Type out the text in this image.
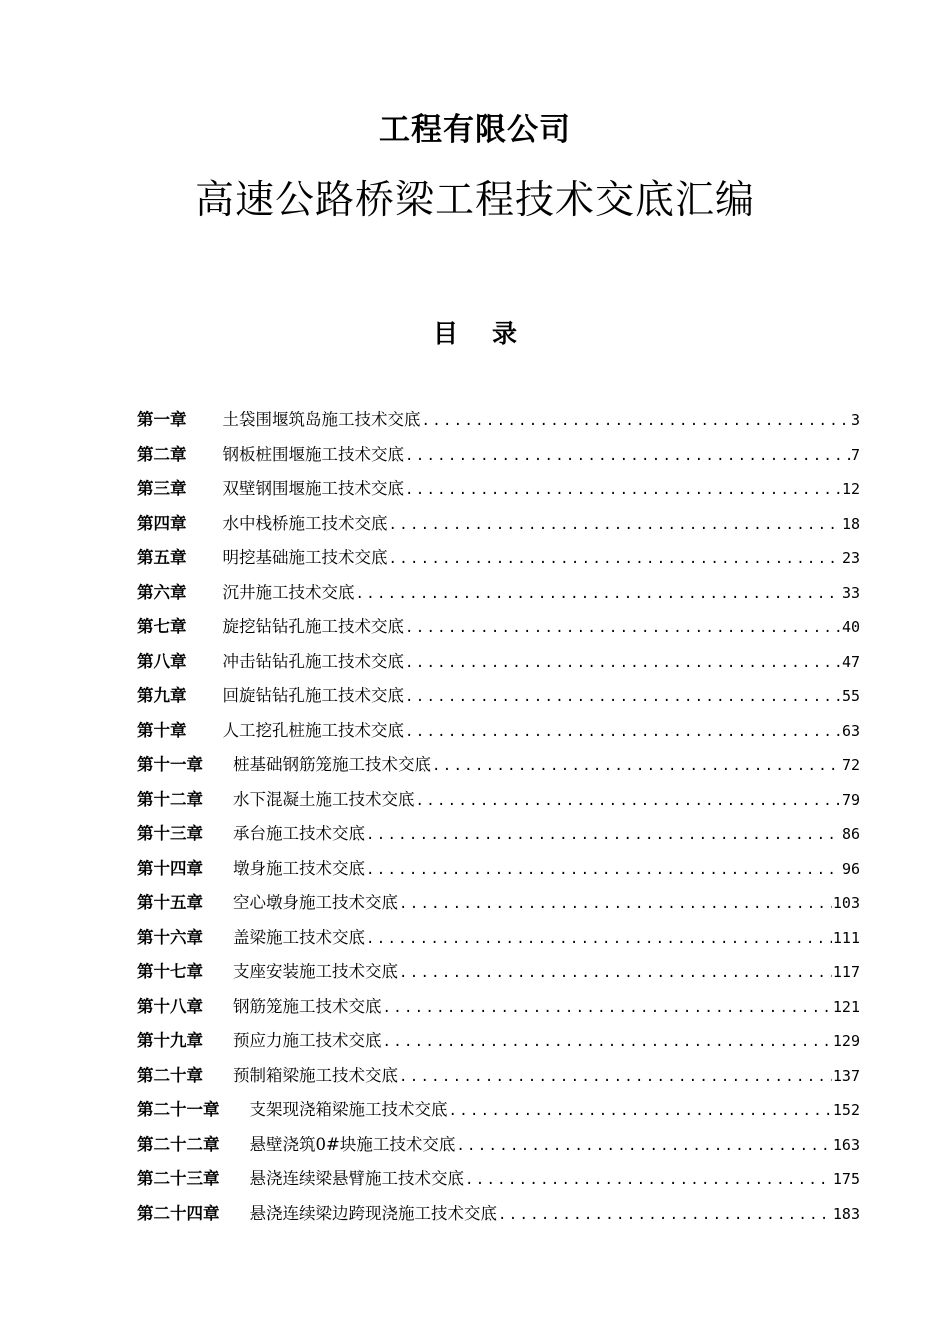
工程有限公司
高速公路桥梁工程技术交底汇编
目 录
第一章 土袋围堰筑岛施工技术交底 .....	3
第二章 钢板桩围堰施工技术交底 .....	7
第三章 双壁钢围堰施工技术交底 .....	12
第四章 水中栈桥施工技术交底 .....	18
第五章 明挖基础施工技术交底 .....	23
第六章 沉井施工技术交底 .....	33
第七章 旋挖钻钻孔施工技术交底 .....	40
第八章 冲击钻钻孔施工技术交底 .....	47
第九章 回旋钻钻孔施工技术交底 .....	55
第十章 人工挖孔桩施工技术交底 .....	63
第十一章 桩基础钢筋笼施工技术交底 .....	72
第十二章 水下混凝土施工技术交底 .....	79
第十三章 承台施工技术交底 .....	86
第十四章 墩身施工技术交底 .....	96
第十五章 空心墩身施工技术交底 .....	103
第十六章 盖梁施工技术交底 .....	111
第十七章 支座安装施工技术交底 .....	117
第十八章 钢筋笼施工技术交底 .....	121
第十九章 预应力施工技术交底 .....	129
第二十章 预制箱梁施工技术交底 .....	137
第二十一章 支架现浇箱梁施工技术交底 .....	152
第二十二章 悬壁浇筑0#块施工技术交底 .....	163
第二十三章 悬浇连续梁悬臂施工技术交底 .....	175
第二十四章 悬浇连续梁边跨现浇施工技术交底 .....	183
